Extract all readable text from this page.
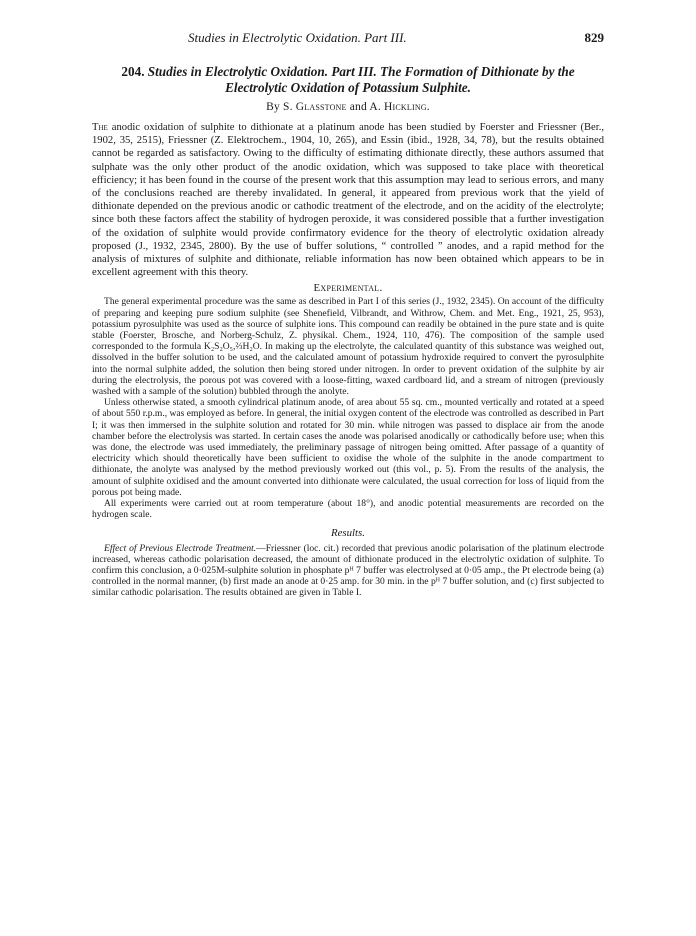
Studies in Electrolytic Oxidation. Part III.	829
204. Studies in Electrolytic Oxidation. Part III. The Formation of Dithionate by the Electrolytic Oxidation of Potassium Sulphite.
By S. Glasstone and A. Hickling.

The anodic oxidation of sulphite to dithionate at a platinum anode has been studied by Foerster and Friessner (Ber., 1902, 35, 2515), Friessner (Z. Elektrochem., 1904, 10, 265), and Essin (ibid., 1928, 34, 78), but the results obtained cannot be regarded as satisfactory. Owing to the difficulty of estimating dithionate directly, these authors assumed that sulphate was the only other product of the anodic oxidation, which was supposed to take place with theoretical efficiency; it has been found in the course of the present work that this assumption may lead to serious errors, and many of the conclusions reached are thereby invalidated. In general, it appeared from previous work that the yield of dithionate depended on the previous anodic or cathodic treatment of the electrode, and on the acidity of the electrolyte; since both these factors affect the stability of hydrogen peroxide, it was considered possible that a further investigation of the oxidation of sulphite would provide confirmatory evidence for the theory of electrolytic oxidation already proposed (J., 1932, 2345, 2800). By the use of buffer solutions, “ controlled ” anodes, and a rapid method for the analysis of mixtures of sulphite and dithionate, reliable information has now been obtained which appears to be in excellent agreement with this theory.

Experimental.

The general experimental procedure was the same as described in Part I of this series (J., 1932, 2345). On account of the difficulty of preparing and keeping pure sodium sulphite (see Shenefield, Vilbrandt, and Withrow, Chem. and Met. Eng., 1921, 25, 953), potassium pyrosulphite was used as the source of sulphite ions. This compound can readily be obtained in the pure state and is quite stable (Foerster, Brosche, and Norberg-Schulz, Z. physikal. Chem., 1924, 110, 476). The composition of the sample used corresponded to the formula K₂S₂O₅,⅔H₂O. In making up the electrolyte, the calculated quantity of this substance was weighed out, dissolved in the buffer solution to be used, and the calculated amount of potassium hydroxide required to convert the pyrosulphite into the normal sulphite added, the solution then being stored under nitrogen. In order to prevent oxidation of the sulphite by air during the electrolysis, the porous pot was covered with a loose-fitting, waxed cardboard lid, and a stream of nitrogen (previously washed with a sample of the solution) bubbled through the anolyte.

Unless otherwise stated, a smooth cylindrical platinum anode, of area about 55 sq. cm., mounted vertically and rotated at a speed of about 550 r.p.m., was employed as before. In general, the initial oxygen content of the electrode was controlled as described in Part I; it was then immersed in the sulphite solution and rotated for 30 min. while nitrogen was passed to displace air from the anode chamber before the electrolysis was started. In certain cases the anode was polarised anodically or cathodically before use; when this was done, the electrode was used immediately, the preliminary passage of nitrogen being omitted. After passage of a quantity of electricity which should theoretically have been sufficient to oxidise the whole of the sulphite in the anode compartment to dithionate, the anolyte was analysed by the method previously worked out (this vol., p. 5). From the results of the analysis, the amount of sulphite oxidised and the amount converted into dithionate were calculated, the usual correction for loss of liquid from the porous pot being made.

All experiments were carried out at room temperature (about 18°), and anodic potential measurements are recorded on the hydrogen scale.

Results.

Effect of Previous Electrode Treatment.—Friessner (loc. cit.) recorded that previous anodic polarisation of the platinum electrode increased, whereas cathodic polarisation decreased, the amount of dithionate produced in the electrolytic oxidation of sulphite. To confirm this conclusion, a 0·025M-sulphite solution in phosphate pᴴ 7 buffer was electrolysed at 0·05 amp., the Pt electrode being (a) controlled in the normal manner, (b) first made an anode at 0·25 amp. for 30 min. in the pᴴ 7 buffer solution, and (c) first subjected to similar cathodic polarisation. The results obtained are given in Table I.
